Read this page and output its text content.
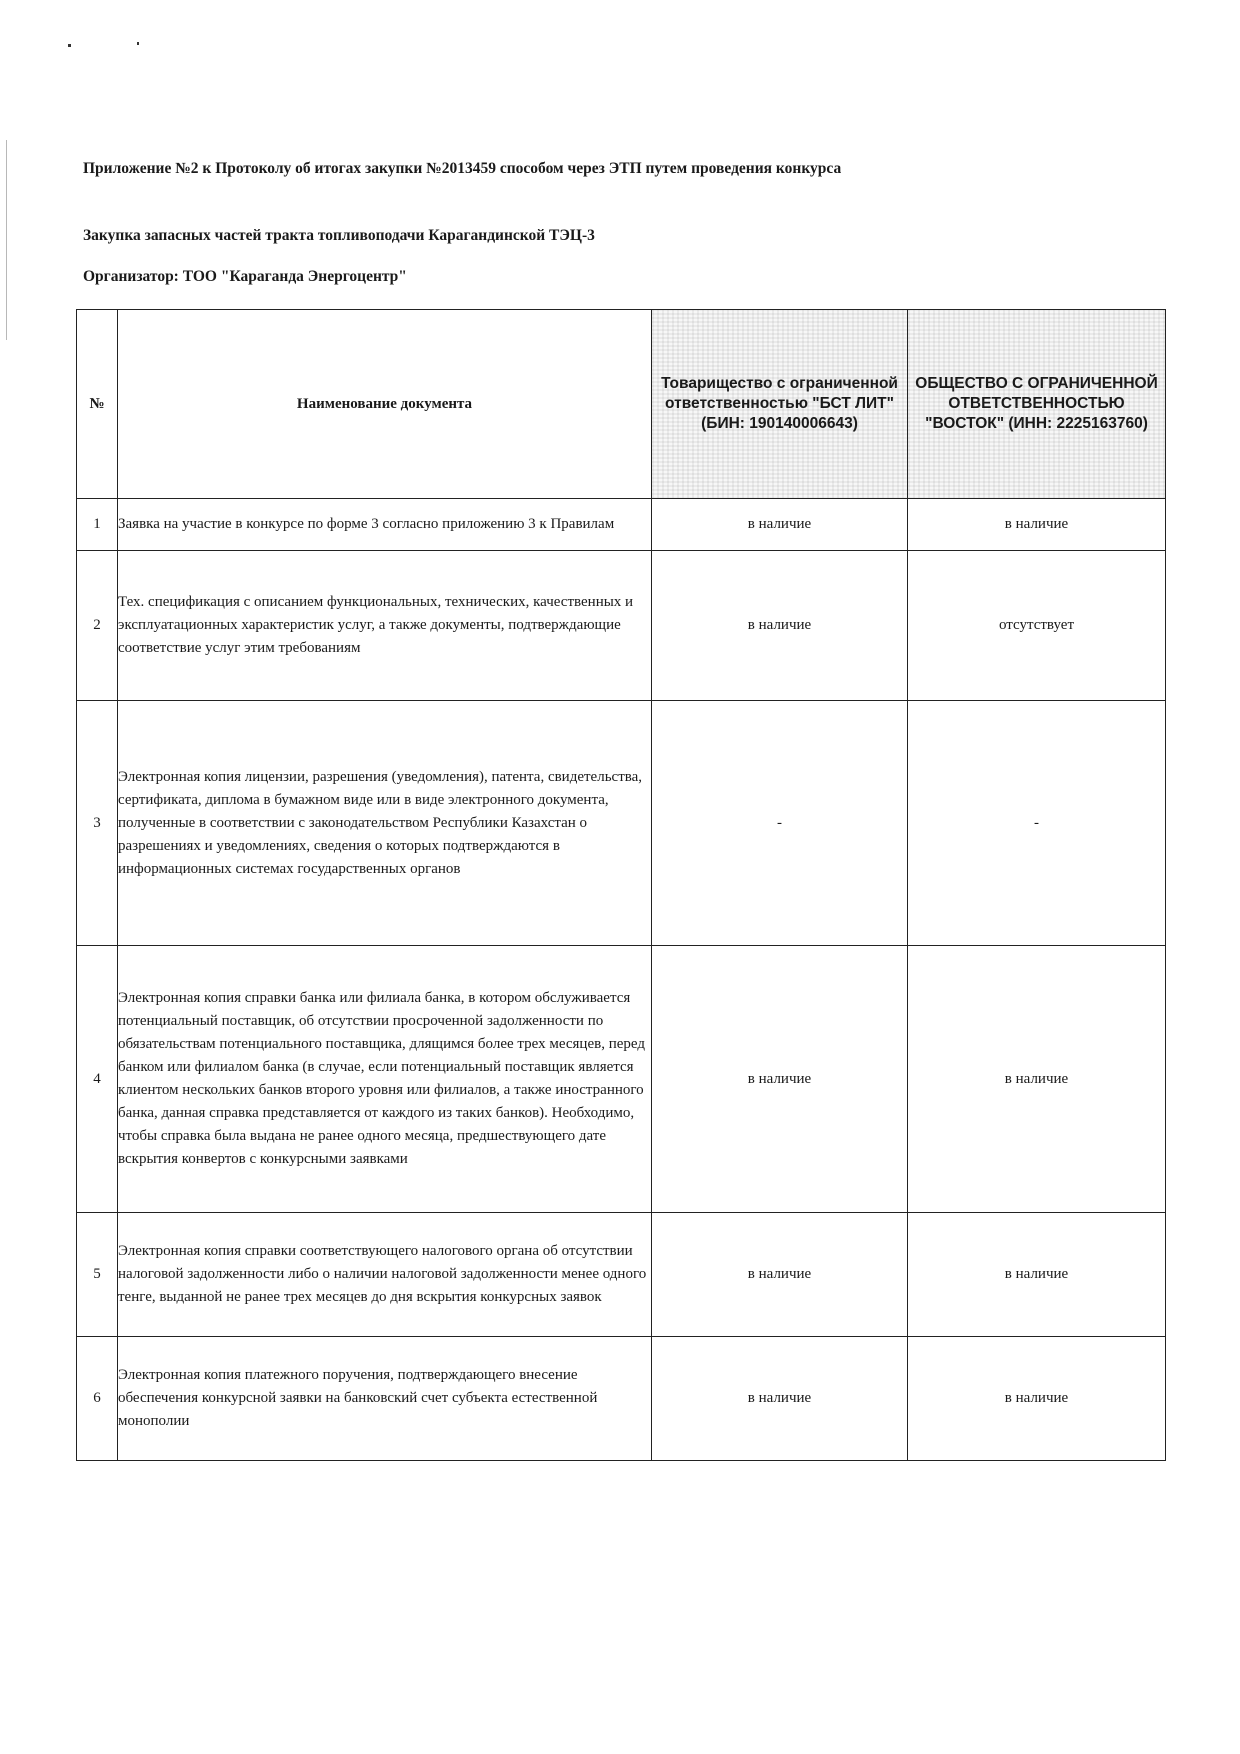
Приложение №2 к Протоколу об итогах закупки №2013459 способом через ЭТП путем проведения конкурса
Закупка запасных частей тракта топливоподачи Карагандинской ТЭЦ-3
Организатор: ТОО "Караганда Энергоцентр"
№	Наименование документа	Товарищество с ограниченной ответственностью "БСТ ЛИТ" (БИН: 190140006643)	ОБЩЕСТВО С ОГРАНИЧЕННОЙ ОТВЕТСТВЕННОСТЬЮ "ВОСТОК" (ИНН: 2225163760)
1	Заявка на участие в конкурсе по форме 3 согласно приложению 3 к Правилам	в наличие	в наличие
2	Тех. спецификация с описанием функциональных, технических, качественных и эксплуатационных характеристик услуг, а также документы, подтверждающие соответствие услуг этим требованиям	в наличие	отсутствует
3	Электронная копия лицензии, разрешения (уведомления), патента, свидетельства, сертификата, диплома в бумажном виде или в виде электронного документа, полученные в соответствии с законодательством Республики Казахстан о разрешениях и уведомлениях, сведения о которых подтверждаются в информационных системах государственных органов	-	-
4	Электронная копия справки банка или филиала банка, в котором обслуживается потенциальный поставщик, об отсутствии просроченной задолженности по обязательствам потенциального поставщика, длящимся более трех месяцев, перед банком или филиалом банка (в случае, если потенциальный поставщик является клиентом нескольких банков второго уровня или филиалов, а также иностранного банка, данная справка представляется от каждого из таких банков). Необходимо, чтобы справка была выдана не ранее одного месяца, предшествующего дате вскрытия конвертов с конкурсными заявками	в наличие	в наличие
5	Электронная копия справки соответствующего налогового органа об отсутствии налоговой задолженности либо о наличии налоговой задолженности менее одного тенге, выданной не ранее трех месяцев до дня вскрытия конкурсных заявок	в наличие	в наличие
6	Электронная копия платежного поручения, подтверждающего внесение обеспечения конкурсной заявки на банковский счет субъекта естественной монополии	в наличие	в наличие
